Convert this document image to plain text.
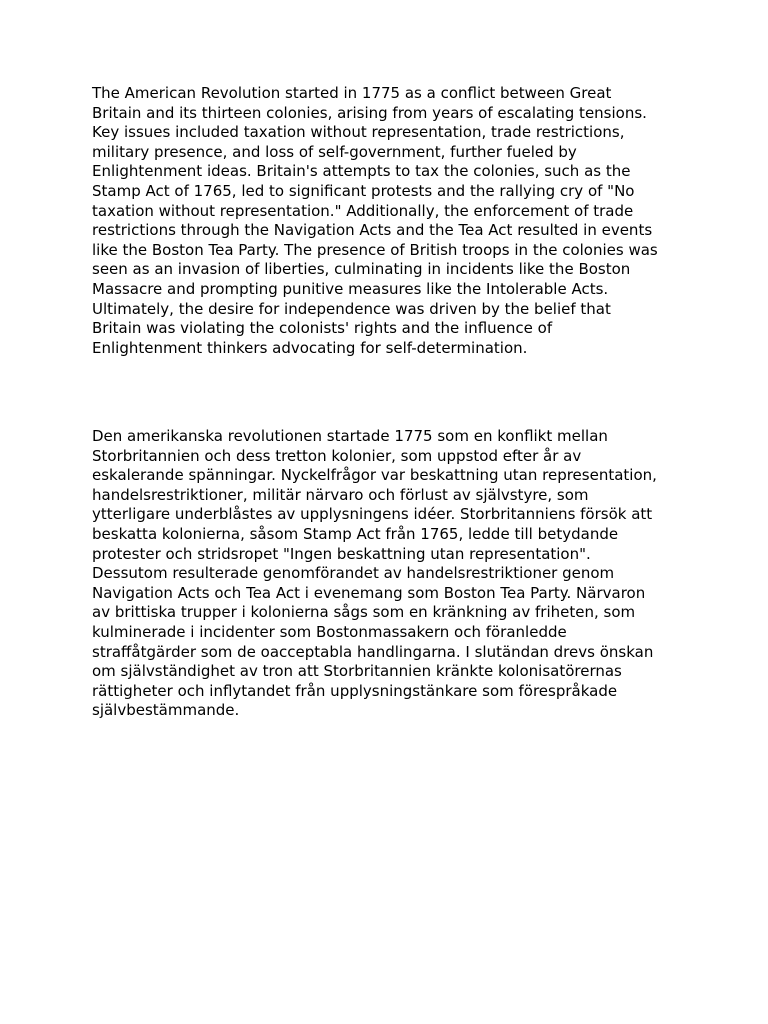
The American Revolution started in 1775 as a conflict between Great
Britain and its thirteen colonies, arising from years of escalating tensions.
Key issues included taxation without representation, trade restrictions,
military presence, and loss of self-government, further fueled by
Enlightenment ideas. Britain's attempts to tax the colonies, such as the
Stamp Act of 1765, led to significant protests and the rallying cry of "No
taxation without representation." Additionally, the enforcement of trade
restrictions through the Navigation Acts and the Tea Act resulted in events
like the Boston Tea Party. The presence of British troops in the colonies was
seen as an invasion of liberties, culminating in incidents like the Boston
Massacre and prompting punitive measures like the Intolerable Acts.
Ultimately, the desire for independence was driven by the belief that
Britain was violating the colonists' rights and the influence of
Enlightenment thinkers advocating for self-determination.

Den amerikanska revolutionen startade 1775 som en konflikt mellan
Storbritannien och dess tretton kolonier, som uppstod efter år av
eskalerande spänningar. Nyckelfrågor var beskattning utan representation,
handelsrestriktioner, militär närvaro och förlust av självstyre, som
ytterligare underblåstes av upplysningens idéer. Storbritanniens försök att
beskatta kolonierna, såsom Stamp Act från 1765, ledde till betydande
protester och stridsropet "Ingen beskattning utan representation".
Dessutom resulterade genomförandet av handelsrestriktioner genom
Navigation Acts och Tea Act i evenemang som Boston Tea Party. Närvaron
av brittiska trupper i kolonierna sågs som en kränkning av friheten, som
kulminerade i incidenter som Bostonmassakern och föranledde
straffåtgärder som de oacceptabla handlingarna. I slutändan drevs önskan
om självständighet av tron att Storbritannien kränkte kolonisatörernas
rättigheter och inflytandet från upplysningstänkare som förespråkade
självbestämmande.
